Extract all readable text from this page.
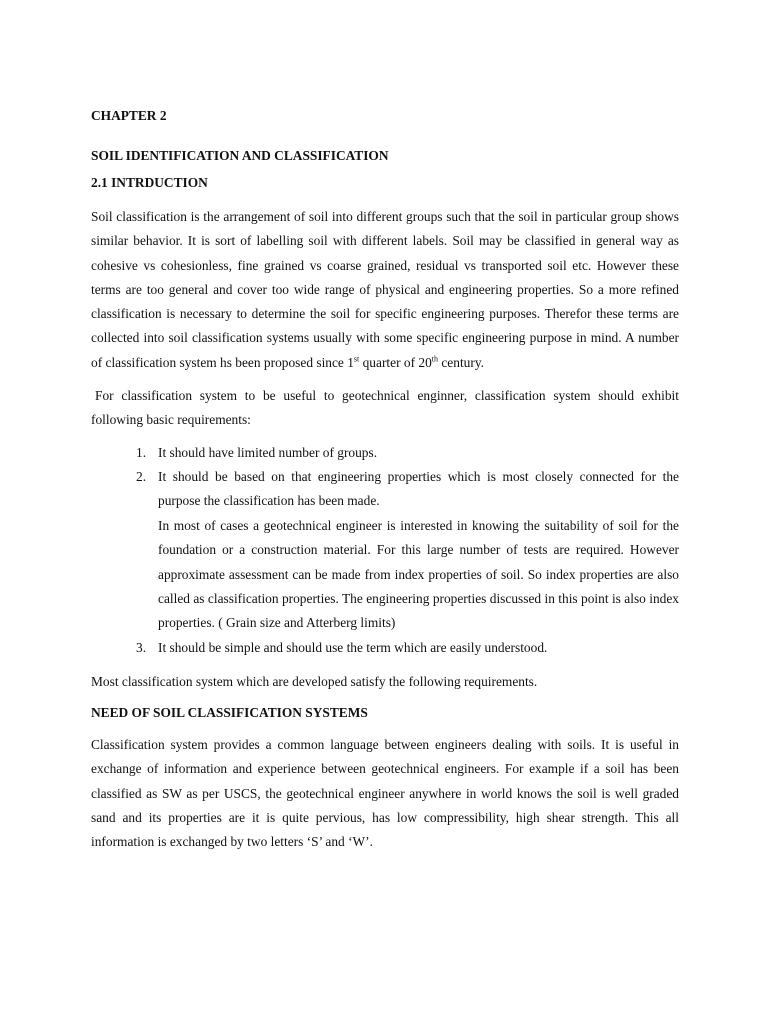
CHAPTER 2
SOIL IDENTIFICATION AND CLASSIFICATION
2.1 INTRDUCTION
Soil classification is the arrangement of soil into different groups such that the soil in particular group shows similar behavior. It is sort of labelling soil with different labels. Soil may be classified in general way as cohesive vs cohesionless, fine grained vs coarse grained, residual vs transported soil etc. However these terms are too general and cover too wide range of physical and engineering properties. So a more refined classification is necessary to determine the soil for specific engineering purposes. Therefor these terms are collected into soil classification systems usually with some specific engineering purpose in mind. A number of classification system hs been proposed since 1st quarter of 20th century.
For classification system to be useful to geotechnical enginner, classification system should exhibit following basic requirements:
1. It should have limited number of groups.
2. It should be based on that engineering properties which is most closely connected for the purpose the classification has been made.
In most of cases a geotechnical engineer is interested in knowing the suitability of soil for the foundation or a construction material. For this large number of tests are required. However approximate assessment can be made from index properties of soil. So index properties are also called as classification properties. The engineering properties discussed in this point is also index properties. ( Grain size and Atterberg limits)
3. It should be simple and should use the term which are easily understood.
Most classification system which are developed satisfy the following requirements.
NEED OF SOIL CLASSIFICATION SYSTEMS
Classification system provides a common language between engineers dealing with soils. It is useful in exchange of information and experience between geotechnical engineers. For example if a soil has been classified as SW as per USCS, the geotechnical engineer anywhere in world knows the soil is well graded sand and its properties are it is quite pervious, has low compressibility, high shear strength. This all information is exchanged by two letters ‘S’ and ‘W’.
